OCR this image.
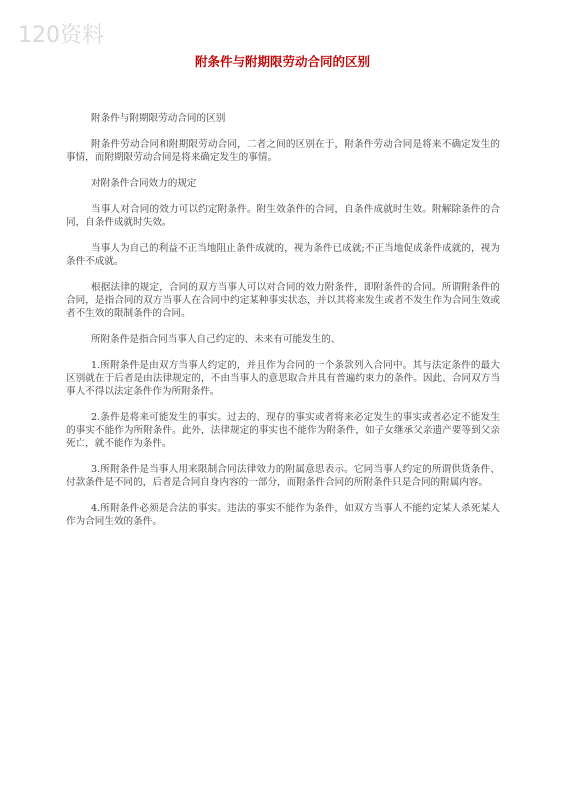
120资料
附条件与附期限劳动合同的区别

附条件与附期限劳动合同的区别

附条件劳动合同和附期限劳动合同，二者之间的区别在于，附条件劳动合同是将来不确定发生的事情，而附期限劳动合同是将来确定发生的事情。

对附条件合同效力的规定

当事人对合同的效力可以约定附条件。附生效条件的合同，自条件成就时生效。附解除条件的合同，自条件成就时失效。

当事人为自己的利益不正当地阻止条件成就的，视为条件已成就;不正当地促成条件成就的，视为条件不成就。

根据法律的规定，合同的双方当事人可以对合同的效力附条件，即附条件的合同。所谓附条件的合同，是指合同的双方当事人在合同中约定某种事实状态，并以其将来发生或者不发生作为合同生效或者不生效的限制条件的合同。

所附条件是指合同当事人自己约定的、未来有可能发生的、

1.所附条件是由双方当事人约定的，并且作为合同的一个条款列入合同中。其与法定条件的最大区别就在于后者是由法律规定的，不由当事人的意思取合并具有普遍约束力的条件。因此、合同双方当事人不得以法定条件作为所附条件。

2.条件是将来可能发生的事实。过去的、现存的事实或者将来必定发生的事实或者必定不能发生的事实不能作为所附条件。此外，法律规定的事实也不能作为附条件，如子女继承父亲遗产要等到父亲死亡，就不能作为条件。

3.所附条件是当事人用来限制合同法律效力的附属意思表示。它同当事人约定的所谓供货条件、付款条件是不同的，后者是合同自身内容的一部分，而附条件合同的所附条件只是合同的附属内容。

4.所附条件必须是合法的事实。违法的事实不能作为条件，如双方当事人不能约定某人杀死某人作为合同生效的条件。
